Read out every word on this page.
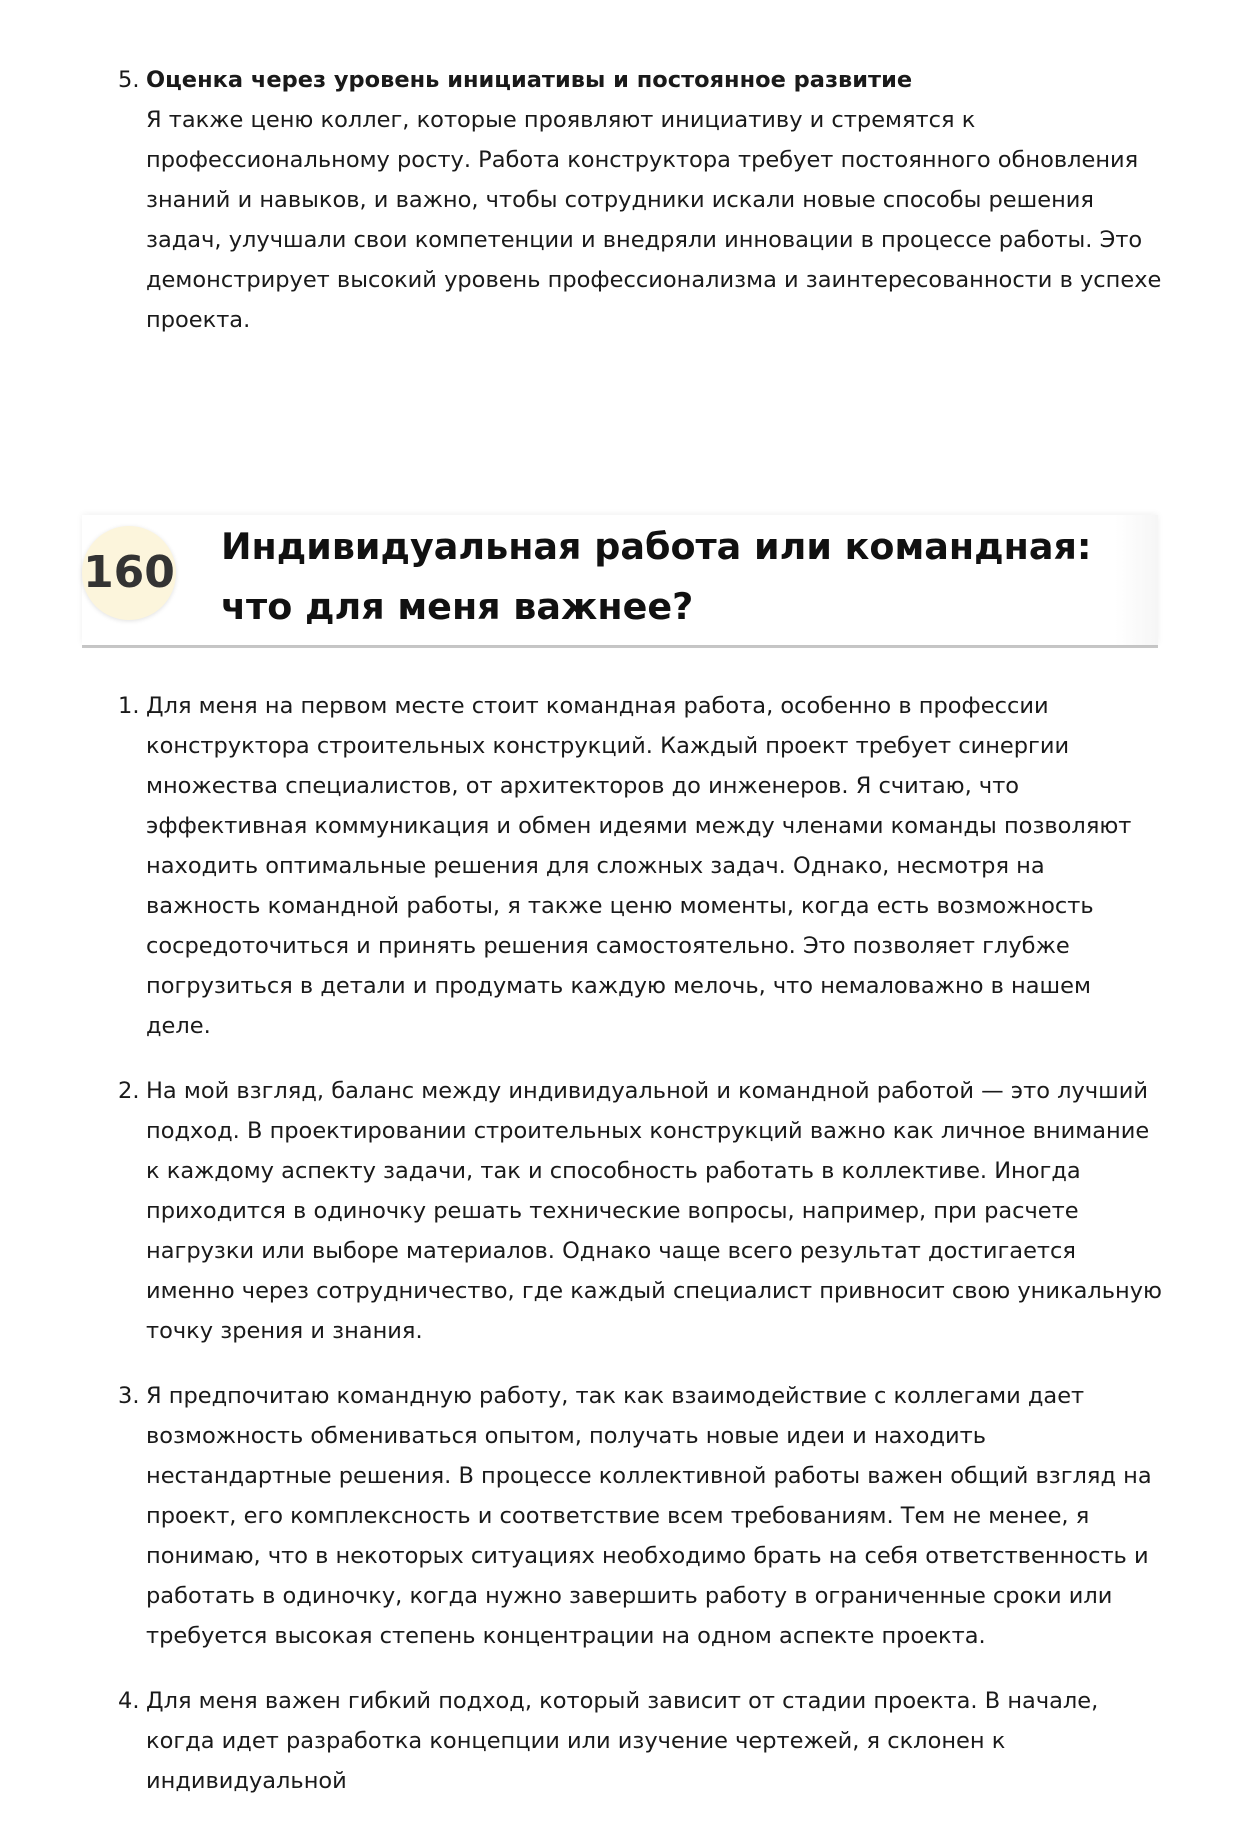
5. Оценка через уровень инициативы и постоянное развитие
Я также ценю коллег, которые проявляют инициативу и стремятся к профессиональному росту. Работа конструктора требует постоянного обновления знаний и навыков, и важно, чтобы сотрудники искали новые способы решения задач, улучшали свои компетенции и внедряли инновации в процессе работы. Это демонстрирует высокий уровень профессионализма и заинтересованности в успехе проекта.
160
Индивидуальная работа или командная: что для меня важнее?
1. Для меня на первом месте стоит командная работа, особенно в профессии конструктора строительных конструкций. Каждый проект требует синергии множества специалистов, от архитекторов до инженеров. Я считаю, что эффективная коммуникация и обмен идеями между членами команды позволяют находить оптимальные решения для сложных задач. Однако, несмотря на важность командной работы, я также ценю моменты, когда есть возможность сосредоточиться и принять решения самостоятельно. Это позволяет глубже погрузиться в детали и продумать каждую мелочь, что немаловажно в нашем деле.
2. На мой взгляд, баланс между индивидуальной и командной работой — это лучший подход. В проектировании строительных конструкций важно как личное внимание к каждому аспекту задачи, так и способность работать в коллективе. Иногда приходится в одиночку решать технические вопросы, например, при расчете нагрузки или выборе материалов. Однако чаще всего результат достигается именно через сотрудничество, где каждый специалист привносит свою уникальную точку зрения и знания.
3. Я предпочитаю командную работу, так как взаимодействие с коллегами дает возможность обмениваться опытом, получать новые идеи и находить нестандартные решения. В процессе коллективной работы важен общий взгляд на проект, его комплексность и соответствие всем требованиям. Тем не менее, я понимаю, что в некоторых ситуациях необходимо брать на себя ответственность и работать в одиночку, когда нужно завершить работу в ограниченные сроки или требуется высокая степень концентрации на одном аспекте проекта.
4. Для меня важен гибкий подход, который зависит от стадии проекта. В начале, когда идет разработка концепции или изучение чертежей, я склонен к индивидуальной
